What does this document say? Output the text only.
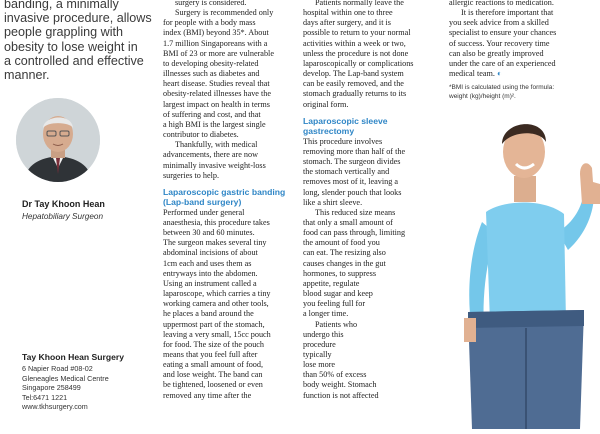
banding, a minimally
invasive procedure, allows
people grappling with
obesity to lose weight in
a controlled and effective
manner.

Dr Tay Khoon Hean
Hepatobiliary Surgeon
Tay Khoon Hean Surgery
6 Napier Road #08-02
Gleneagles Medical Centre
Singapore 258499
Tel:6471 1221
www.tkhsurgery.com

surgery is considered.

Surgery is recommended only
for people with a body mass
index (BMI) beyond 35*. About
1.7 million Singaporeans with a
BMI of 23 or more are vulnerable
to developing obesity-related
illnesses such as diabetes and
heart disease. Studies reveal that
obesity-related illnesses have the
largest impact on health in terms
of suffering and cost, and that
a high BMI is the largest single
contributor to diabetes.

Thankfully, with medical
advancements, there are now
minimally invasive weight-loss
surgeries to help.

Laparoscopic gastric banding
(Lap-band surgery)

Performed under general
anaesthesia, this procedure takes
between 30 and 60 minutes.
The surgeon makes several tiny
abdominal incisions of about
1cm each and uses them as
entryways into the abdomen.
Using an instrument called a
laparoscope, which carries a tiny
working camera and other tools,
he places a band around the
uppermost part of the stomach,
leaving a very small, 15cc pouch
for food. The size of the pouch
means that you feel full after
eating a small amount of food,
and lose weight. The band can
be tightened, loosened or even
removed any time after the

Patients normally leave the
hospital within one to three
days after surgery, and it is
possible to return to your normal
activities within a week or two,
unless the procedure is not done
laparoscopically or complications
develop. The Lap-band system
can be easily removed, and the
stomach gradually returns to its
original form.

Laparoscopic sleeve
gastrectomy

This procedure involves
removing more than half of the
stomach. The surgeon divides
the stomach vertically and
removes most of it, leaving a
long, slender pouch that looks
like a shirt sleeve.

This reduced size means
that only a small amount of
food can pass through, limiting
the amount of food you
can eat. The resizing also
causes changes in the gut
hormones, to suppress
appetite, regulate
blood sugar and keep
you feeling full for
a longer time.

Patients who
undergo this
procedure
typically
lose more
than 50% of excess
body weight. Stomach
function is not affected

allergic reactions to medication.

It is therefore important that
you seek advice from a skilled
specialist to ensure your chances
of success. Your recovery time
can also be greatly improved
under the care of an experienced
medical team. ◐

*BMI is calculated using the formula:
weight (kg)/height (m)².
